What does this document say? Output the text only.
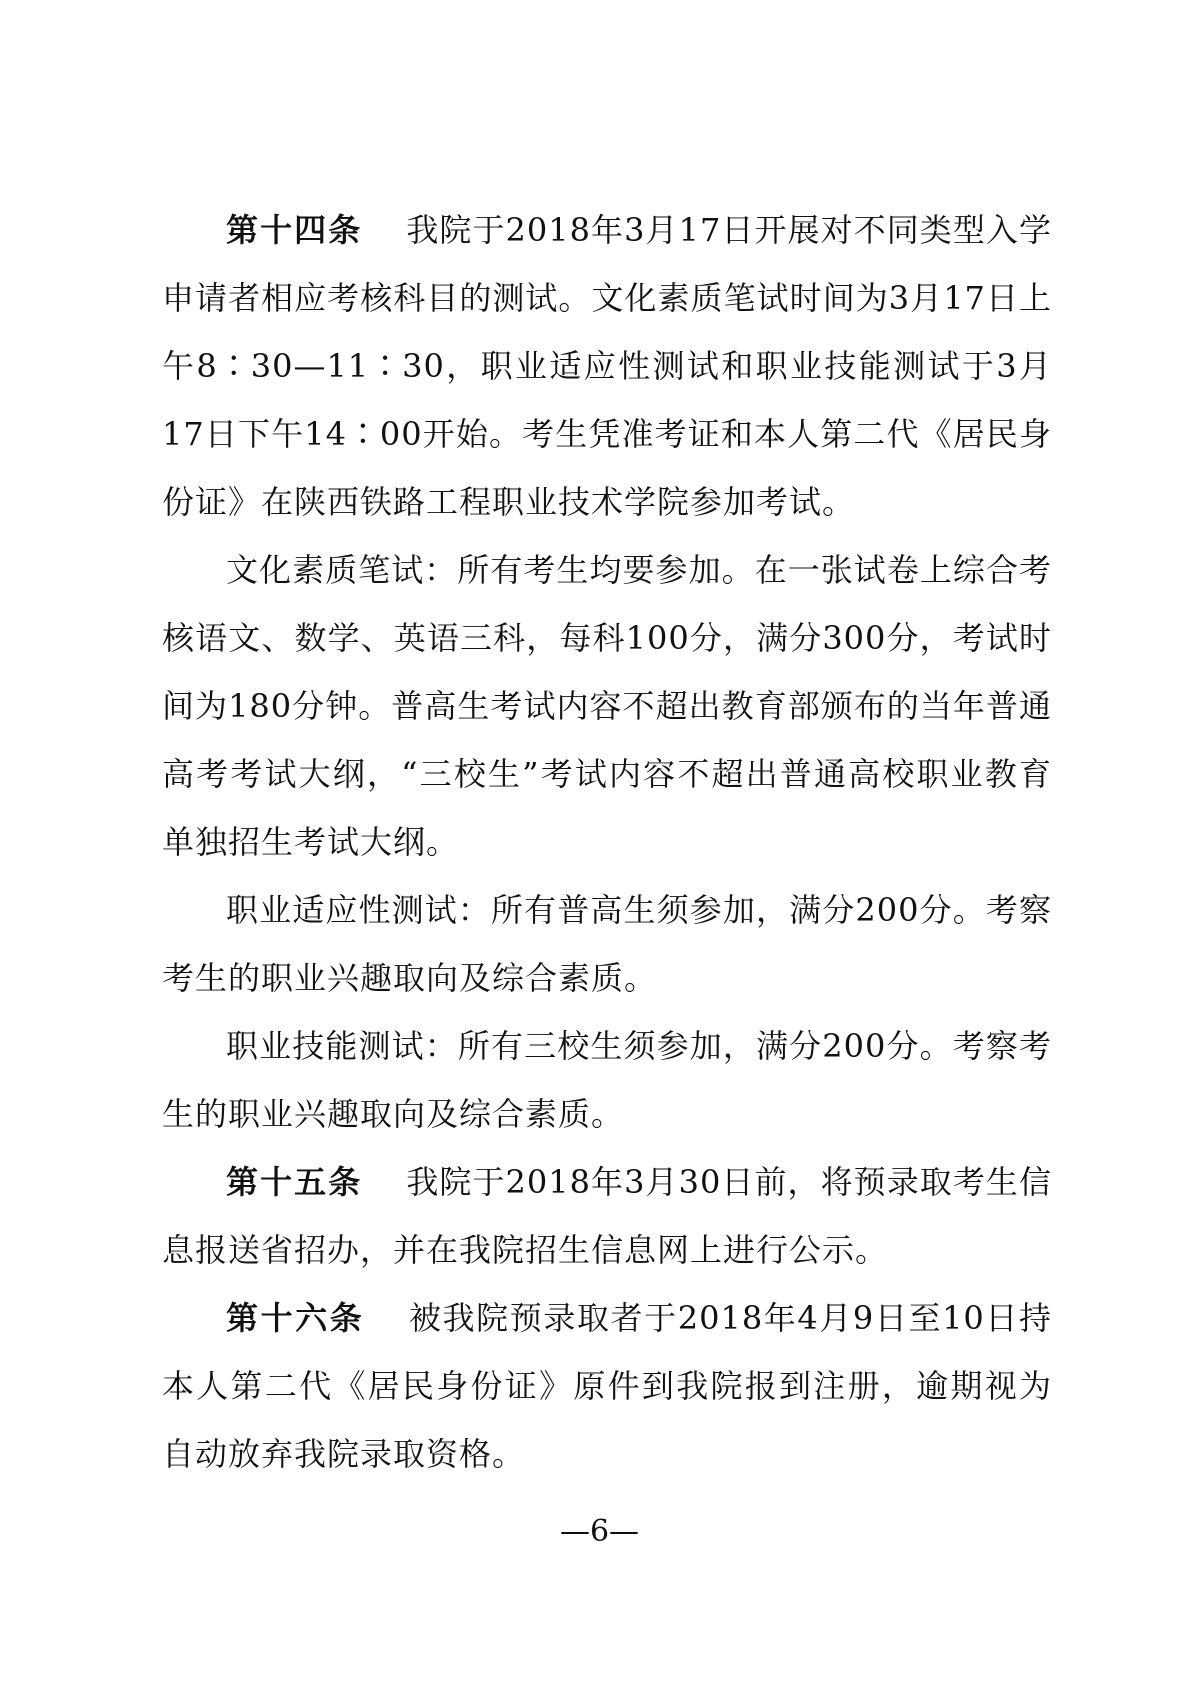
第十四条 我院于2018年3月17日开展对不同类型入学申请者相应考核科目的测试。文化素质笔试时间为3月17日上午8∶30—11∶30，职业适应性测试和职业技能测试于3月17日下午14∶00开始。考生凭准考证和本人第二代《居民身份证》在陕西铁路工程职业技术学院参加考试。

文化素质笔试：所有考生均要参加。在一张试卷上综合考核语文、数学、英语三科，每科100分，满分300分，考试时间为180分钟。普高生考试内容不超出教育部颁布的当年普通高考考试大纲，“三校生”考试内容不超出普通高校职业教育单独招生考试大纲。

职业适应性测试：所有普高生须参加，满分200分。考察考生的职业兴趣取向及综合素质。

职业技能测试：所有三校生须参加，满分200分。考察考生的职业兴趣取向及综合素质。

第十五条 我院于2018年3月30日前，将预录取考生信息报送省招办，并在我院招生信息网上进行公示。

第十六条 被我院预录取者于2018年4月9日至10日持本人第二代《居民身份证》原件到我院报到注册，逾期视为自动放弃我院录取资格。

—6—
